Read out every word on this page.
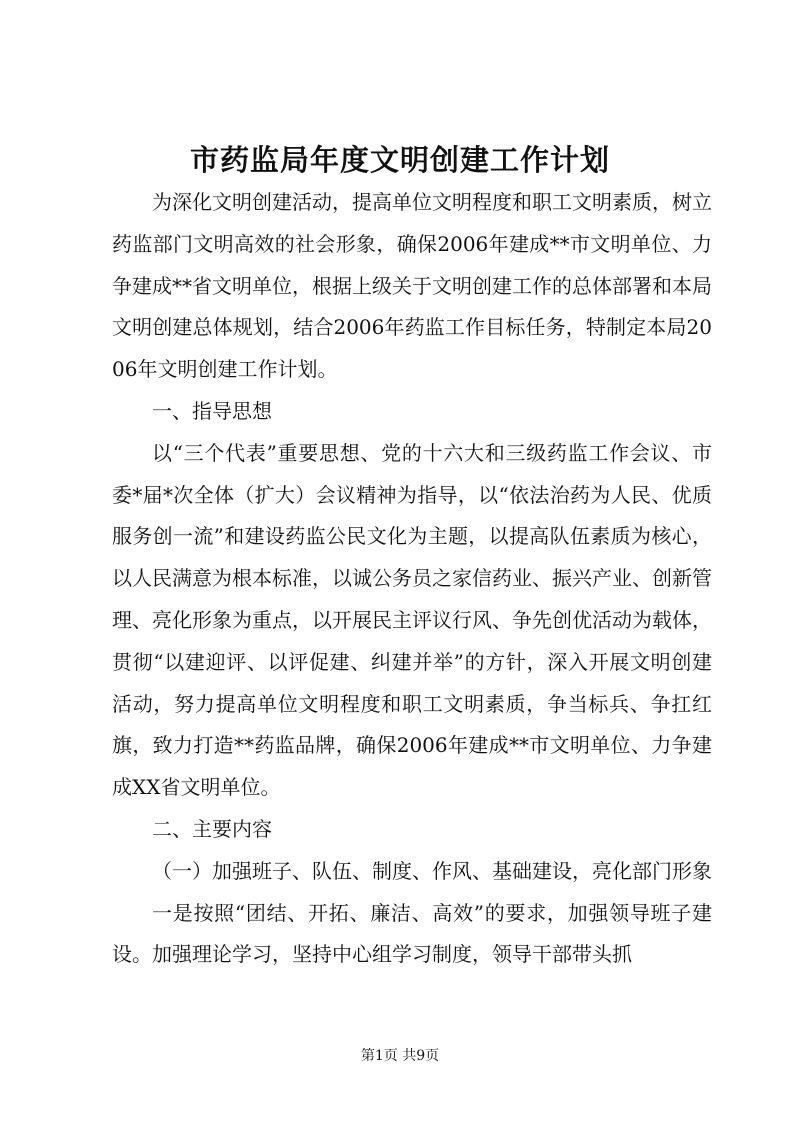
市药监局年度文明创建工作计划

为深化文明创建活动，提高单位文明程度和职工文明素质，树立药监部门文明高效的社会形象，确保2006年建成**市文明单位、力争建成**省文明单位，根据上级关于文明创建工作的总体部署和本局文明创建总体规划，结合2006年药监工作目标任务，特制定本局2006年文明创建工作计划。

一、指导思想

以“三个代表”重要思想、党的十六大和三级药监工作会议、市委*届*次全体（扩大）会议精神为指导，以“依法治药为人民、优质服务创一流”和建设药监公民文化为主题，以提高队伍素质为核心，以人民满意为根本标准，以诚公务员之家信药业、振兴产业、创新管理、亮化形象为重点，以开展民主评议行风、争先创优活动为载体，贯彻“以建迎评、以评促建、纠建并举”的方针，深入开展文明创建活动，努力提高单位文明程度和职工文明素质，争当标兵、争扛红旗，致力打造**药监品牌，确保2006年建成**市文明单位、力争建成XX省文明单位。

二、主要内容

（一）加强班子、队伍、制度、作风、基础建设，亮化部门形象

一是按照“团结、开拓、廉洁、高效”的要求，加强领导班子建设。加强理论学习，坚持中心组学习制度，领导干部带头抓

第1页 共9页
